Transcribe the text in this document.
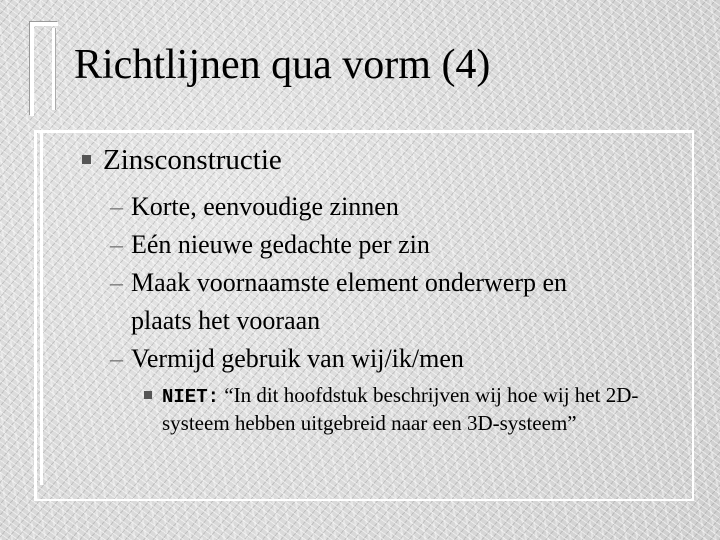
Richtlijnen qua vorm (4)
Zinsconstructie
– Korte, eenvoudige zinnen
– Eén nieuwe gedachte per zin
– Maak voornaamste element onderwerp en plaats het vooraan
– Vermijd gebruik van wij/ik/men
NIET: “In dit hoofdstuk beschrijven wij hoe wij het 2D-systeem hebben uitgebreid naar een 3D-systeem”
